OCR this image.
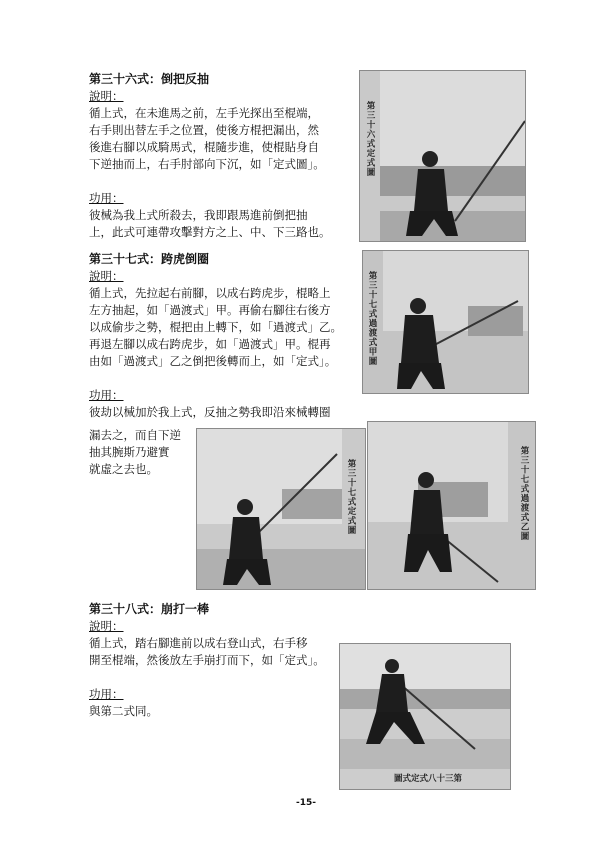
第三十六式：倒把反抽
說明：
循上式，在未進馬之前，左手光探出至棍端，
右手則出替左手之位置，使後方棍把漏出，然
後進右腳以成騎馬式，棍隨步進，使棍貼身自
下逆抽而上，右手肘部向下沉，如「定式圖」。
功用：
彼械為我上式所殺去，我即跟馬進前倒把抽
上，此式可連帶攻擊對方之上、中、下三路也。
第三十七式：跨虎倒圈
說明：
循上式，先拉起右前腳，以成右跨虎步，棍略上
左方抽起，如「過渡式」甲。再偷右腳往右後方
以成偷步之勢，棍把由上轉下，如「過渡式」乙。
再退左腳以成右跨虎步，如「過渡式」甲。棍再
由如「過渡式」乙之倒把後轉而上，如「定式」。
功用：
彼劫以械加於我上式，反抽之勢我即沿來械轉圈
漏去之，而自下逆
抽其腕斯乃避實
就虛之去也。
第三十八式：崩打一棒
說明：
循上式，踏右腳進前以成右登山式，右手移
開至棍端，然後放左手崩打而下，如「定式」。
功用：
與第二式同。
第三十六式定式圖
第三十七式過渡式甲圖
第三十七式定式圖	第三十七式過渡式乙圖
圖式定式八十三第
-15-
